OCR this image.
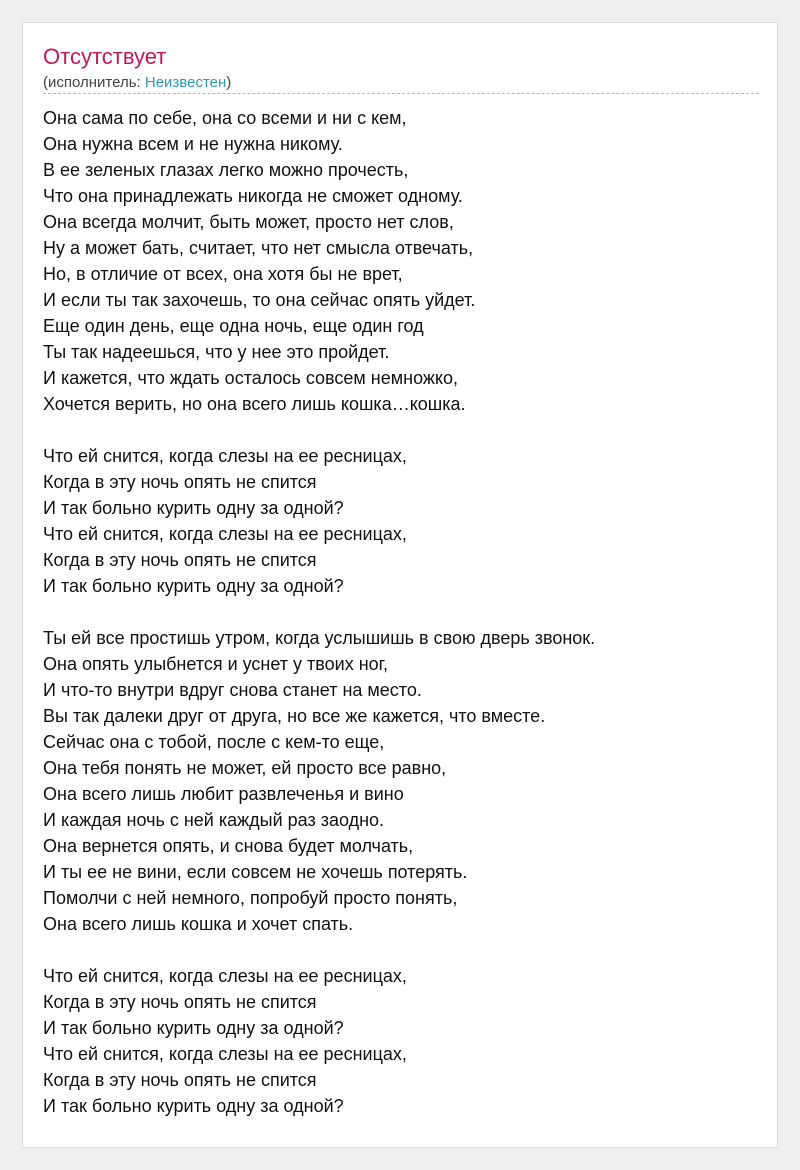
Отсутствует
(исполнитель: Неизвестен)
Она сама по себе, она со всеми и ни с кем,
Она нужна всем и не нужна никому.
В ее зеленых глазах легко можно прочесть,
Что она принадлежать никогда не сможет одному.
Она всегда молчит, быть может, просто нет слов,
Ну а может бать, считает, что нет смысла отвечать,
Но, в отличие от всех, она хотя бы не врет,
И если ты так захочешь, то она сейчас опять уйдет.
Еще один день, еще одна ночь, еще один год
Ты так надеешься, что у нее это пройдет.
И кажется, что ждать осталось совсем немножко,
Хочется верить, но она всего лишь кошка…кошка.
Что ей снится, когда слезы на ее ресницах,
Когда в эту ночь опять не спится
И так больно курить одну за одной?
Что ей снится, когда слезы на ее ресницах,
Когда в эту ночь опять не спится
И так больно курить одну за одной?
Ты ей все простишь утром, когда услышишь в свою дверь звонок.
Она опять улыбнется и уснет у твоих ног,
И что-то внутри вдруг снова станет на место.
Вы так далеки друг от друга, но все же кажется, что вместе.
Сейчас она с тобой, после с кем-то еще,
Она тебя понять не может, ей просто все равно,
Она всего лишь любит развлеченья и вино
И каждая ночь с ней каждый раз заодно.
Она вернется опять, и снова будет молчать,
И ты ее не вини, если совсем не хочешь потерять.
Помолчи с ней немного, попробуй просто понять,
Она всего лишь кошка и хочет спать.
Что ей снится, когда слезы на ее ресницах,
Когда в эту ночь опять не спится
И так больно курить одну за одной?
Что ей снится, когда слезы на ее ресницах,
Когда в эту ночь опять не спится
И так больно курить одну за одной?
